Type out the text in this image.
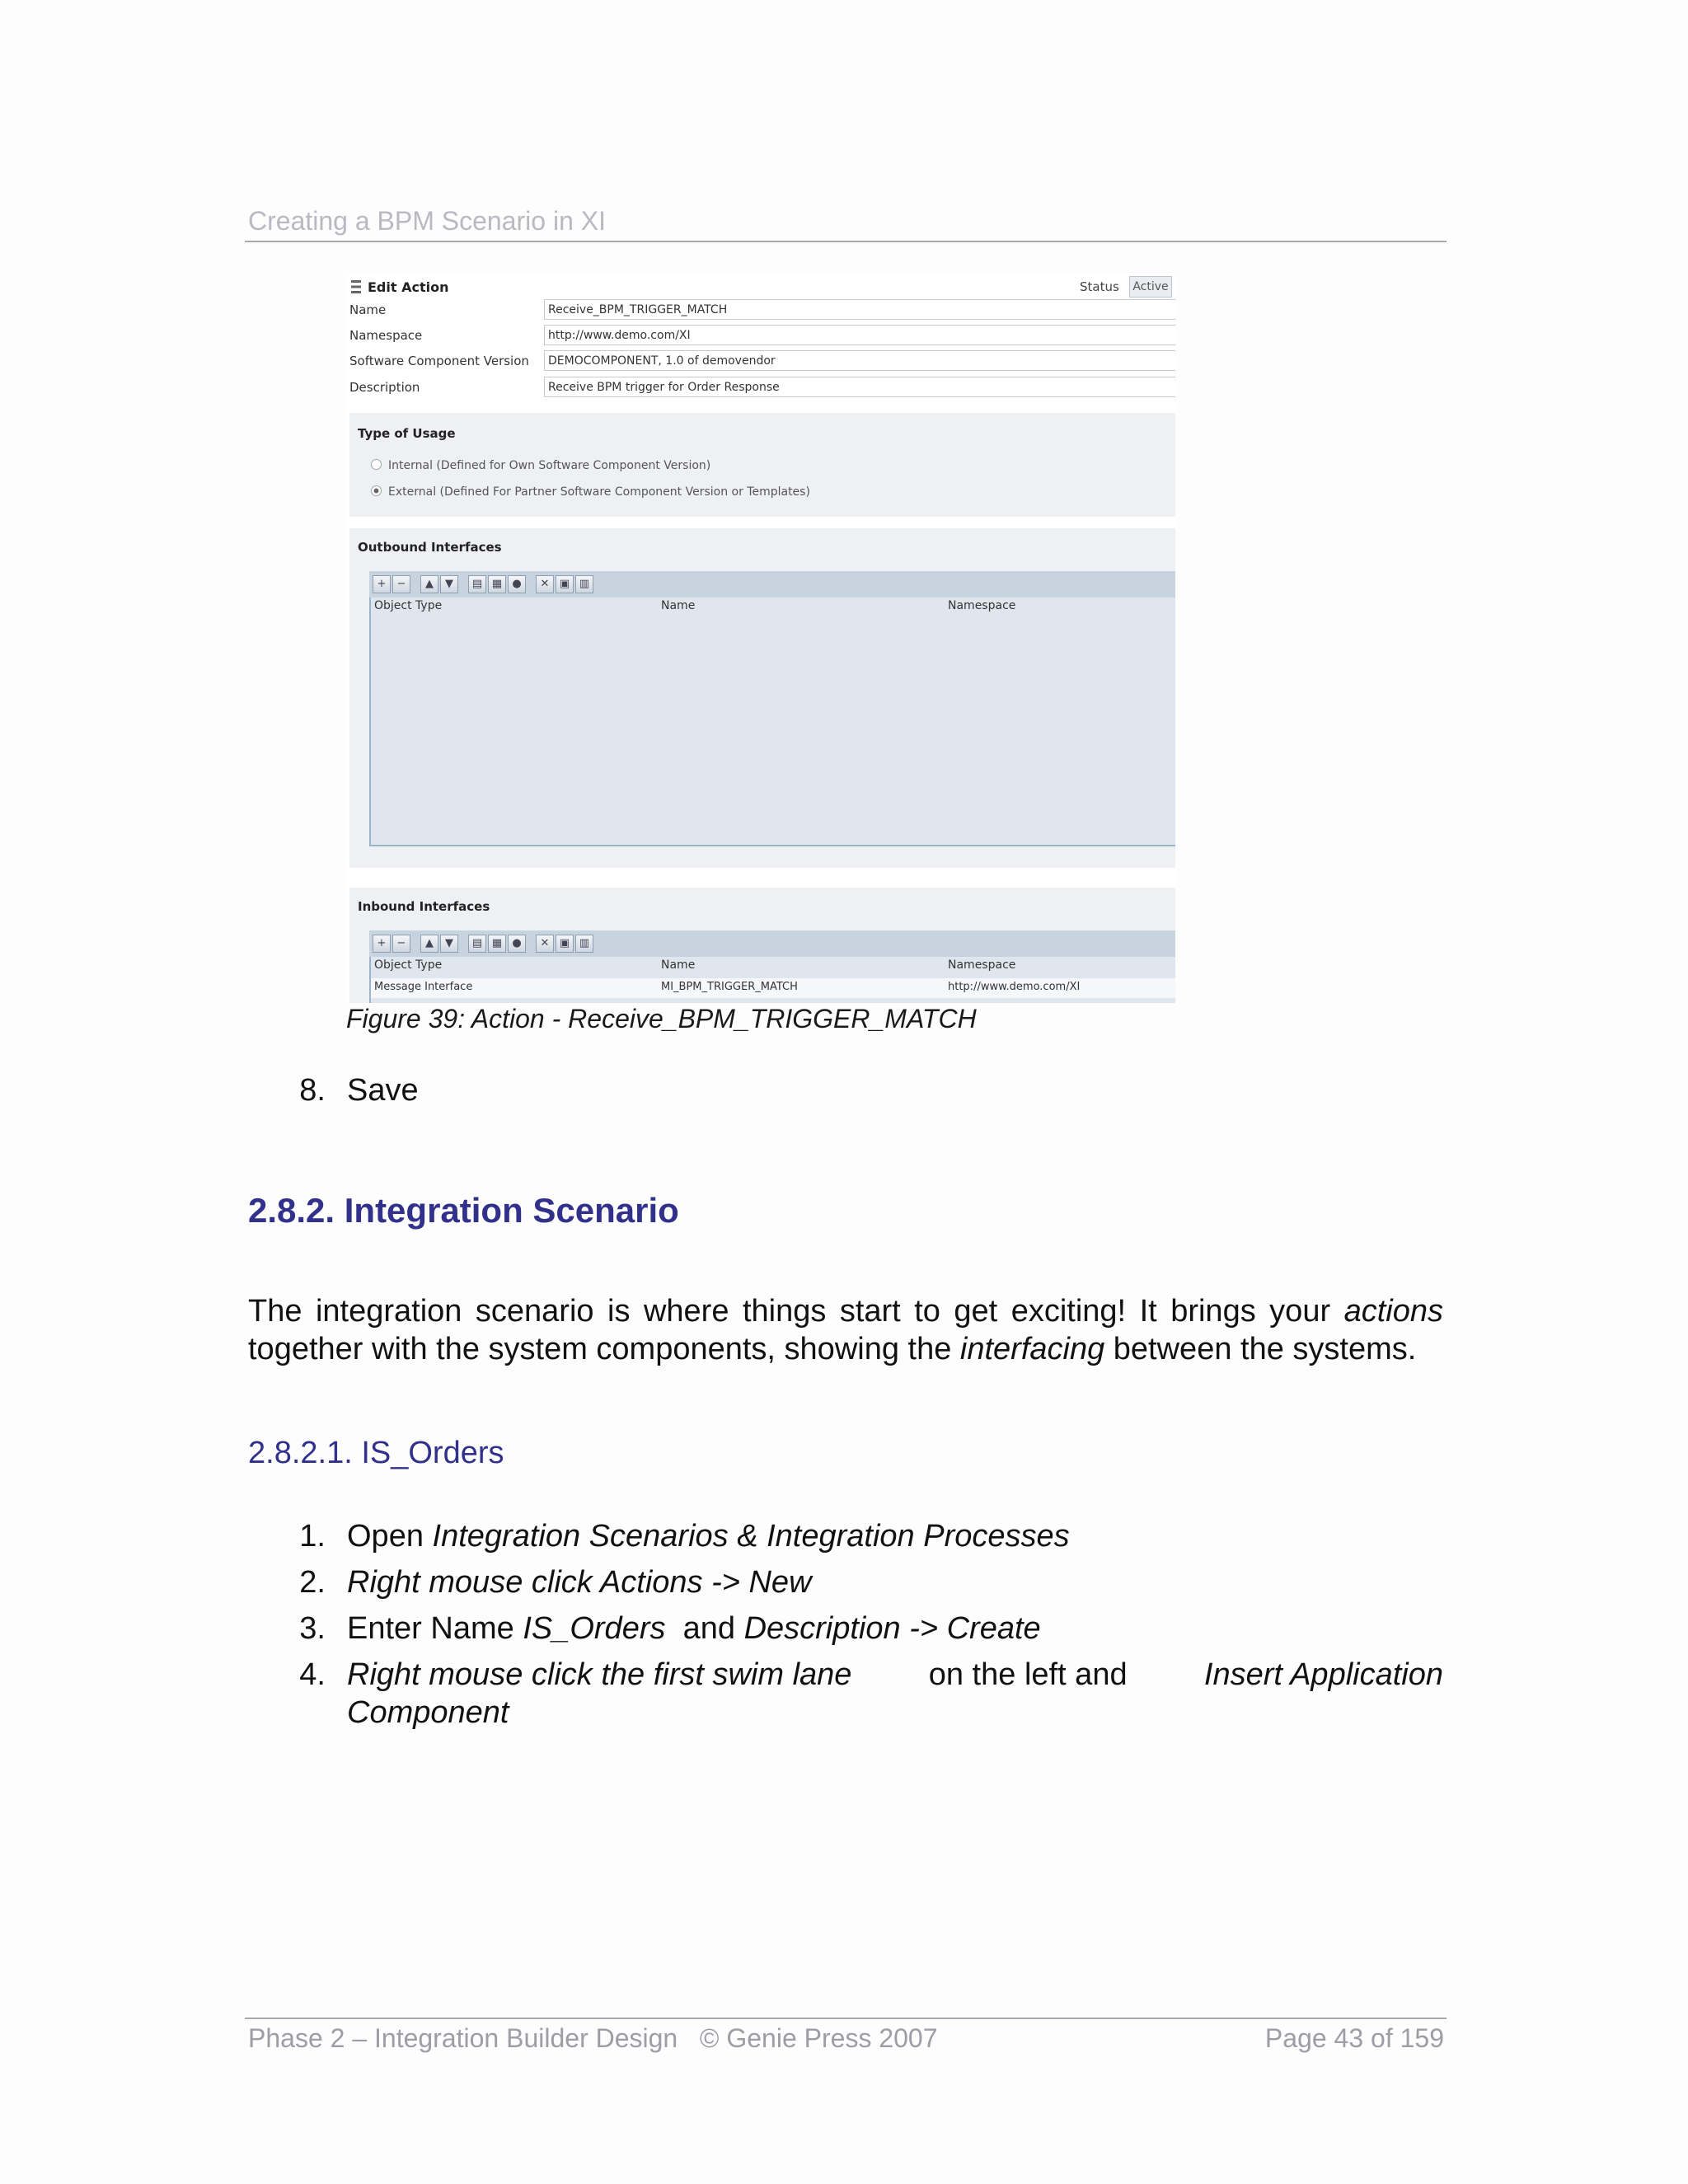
Creating a BPM Scenario in XI
Edit Action	Status	Active
Name	Receive_BPM_TRIGGER_MATCH
Namespace	http://www.demo.com/XI
Software Component Version	DEMOCOMPONENT, 1.0 of demovendor
Description	Receive BPM trigger for Order Response
Type of Usage
Internal (Defined for Own Software Component Version)
External (Defined For Partner Software Component Version or Templates)
Outbound Interfaces
+	−	▲	▼	▤ ▦ ●	✕ ▣ ▥
Object Type	Name	Namespace
Inbound Interfaces
+	−	▲	▼	▤ ▦ ●	✕ ▣ ▥
Object Type	Name	Namespace
Message Interface	MI_BPM_TRIGGER_MATCH	http://www.demo.com/XI
Figure 39: Action - Receive_BPM_TRIGGER_MATCH
8. Save
2.8.2. Integration Scenario
The integration scenario is where things start to get exciting! It brings your actions together with the system components, showing the interfacing between the systems.
2.8.2.1. IS_Orders
1. Open Integration Scenarios & Integration Processes
2. Right mouse click Actions -> New
3. Enter Name IS_Orders  and Description -> Create
4. Right mouse click the first swim lane on the left and Insert Application
Component
Phase 2 – Integration Builder Design   © Genie Press 2007	Page 43 of 159
